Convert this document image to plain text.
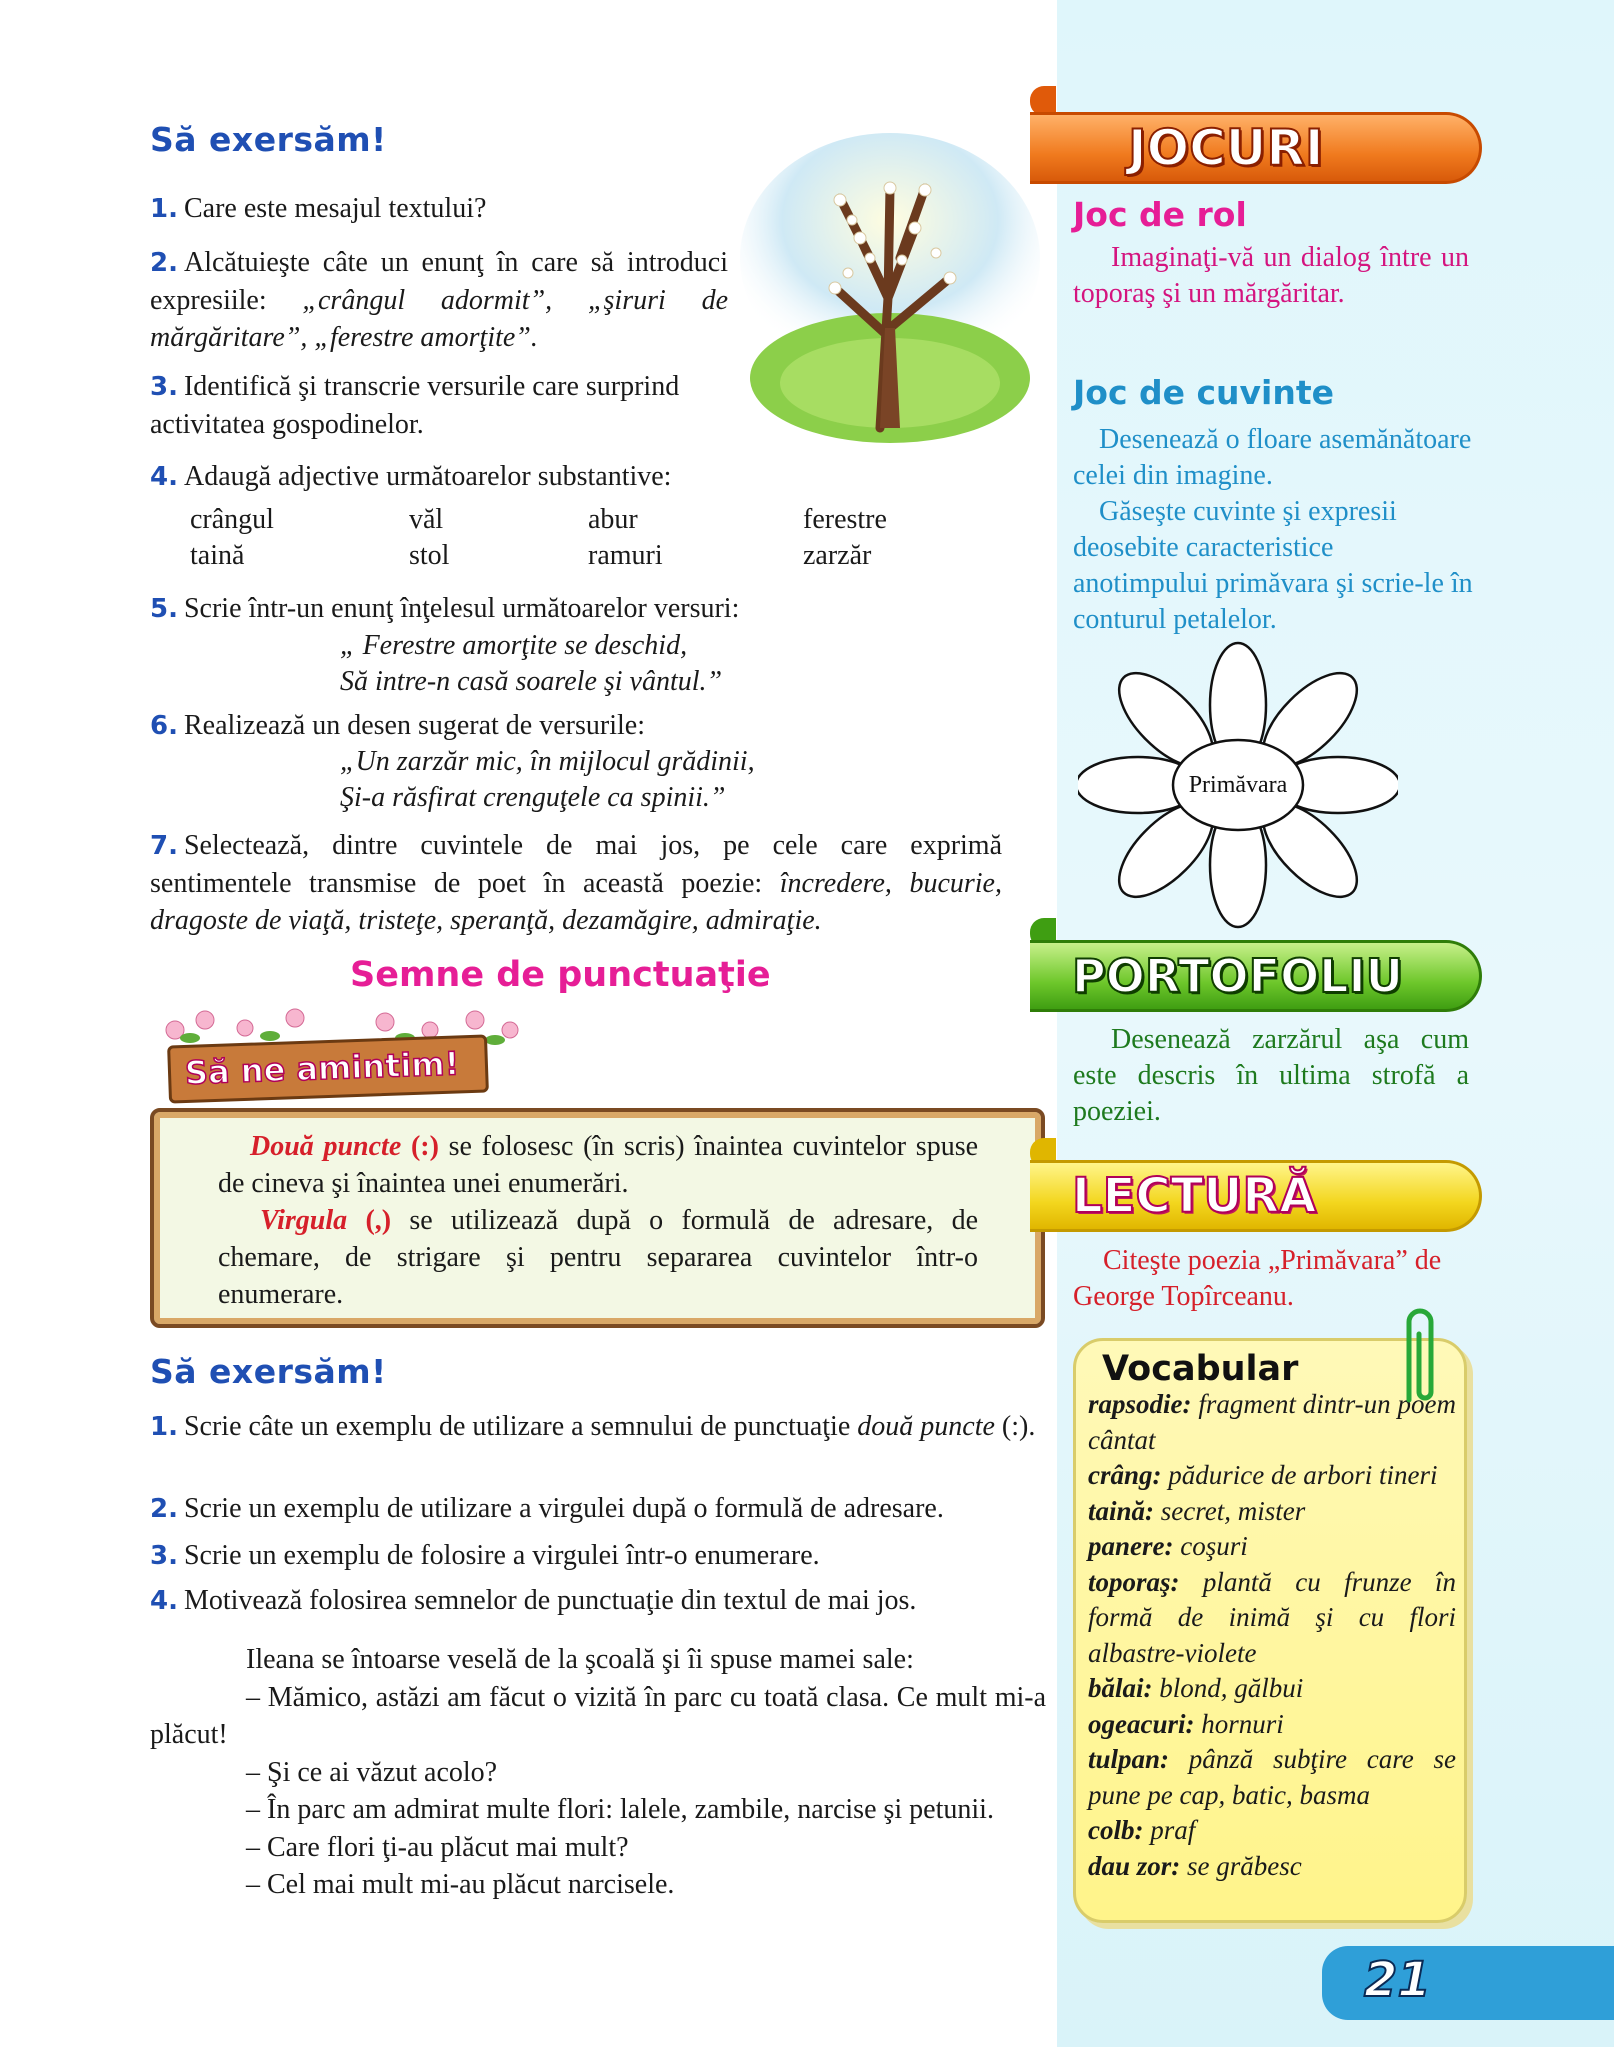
Să exersăm!
1. Care este mesajul textului?
2. Alcătuieşte câte un enunţ în care să introduci expresiile: „crângul adormit”, „şiruri de mărgăritare”, „ferestre amorţite”.
3. Identifică şi transcrie versurile care surprind activitatea gospodinelor.
4. Adaugă adjective următoarelor substantive:
crângul	văl	abur	ferestre
taină	stol	ramuri	zarzăr
5. Scrie într-un enunţ înţelesul următoarelor versuri:
„ Ferestre amorţite se deschid,
Să intre-n casă soarele şi vântul.”
6. Realizează un desen sugerat de versurile:
„Un zarzăr mic, în mijlocul grădinii,
Şi-a răsfirat crenguţele ca spinii.”
7. Selectează, dintre cuvintele de mai jos, pe cele care exprimă sentimentele transmise de poet în această poezie: încredere, bucurie, dragoste de viaţă, tristeţe, speranţă, dezamăgire, admiraţie.
Semne de punctuaţie
Să ne amintim!
Două puncte (:) se folosesc (în scris) înaintea cuvintelor spuse de cineva şi înaintea unei enumerări.
Virgula (,) se utilizează după o formulă de adresare, de chemare, de strigare şi pentru separarea cuvintelor într-o enumerare.
Să exersăm!
1. Scrie câte un exemplu de utilizare a semnului de punctuaţie două puncte (:).
2. Scrie un exemplu de utilizare a virgulei după o formulă de adresare.
3. Scrie un exemplu de folosire a virgulei într-o enumerare.
4. Motivează folosirea semnelor de punctuaţie din textul de mai jos.
Ileana se întoarse veselă de la şcoală şi îi spuse mamei sale:
– Mămico, astăzi am făcut o vizită în parc cu toată clasa. Ce mult mi-a plăcut!
– Şi ce ai văzut acolo?
– În parc am admirat multe flori: lalele, zambile, narcise şi petunii.
– Care flori ţi-au plăcut mai mult?
– Cel mai mult mi-au plăcut narcisele.
JOCURI
Joc de rol
Imaginaţi-vă un dialog între un toporaş şi un mărgăritar.
Joc de cuvinte
Desenează o floare asemănătoare celei din imagine.
Găseşte cuvinte şi expresii deosebite caracteristice anotimpului primăvara şi scrie-le în conturul petalelor.
Primăvara
PORTOFOLIU
Desenează zarzărul aşa cum este descris în ultima strofă a poeziei.
LECTURĂ
Citeşte poezia „Primăvara” de George Topîrceanu.
Vocabular
rapsodie: fragment dintr-un poem cântat
crâng: pădurice de arbori tineri
taină: secret, mister
panere: coşuri
toporaş: plantă cu frunze în formă de inimă şi cu flori albastre-violete
bălai: blond, gălbui
ogeacuri: hornuri
tulpan: pânză subţire care se pune pe cap, batic, basma
colb: praf
dau zor: se grăbesc
21
